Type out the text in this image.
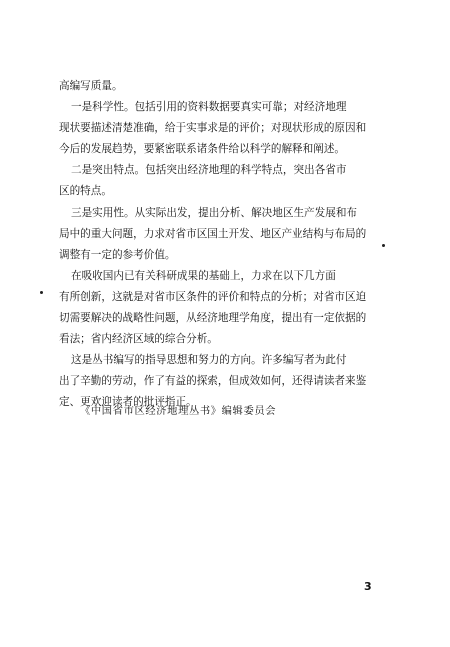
高编写质量。
一是科学性。包括引用的资料数据要真实可靠；对经济地理
现状要描述清楚准确，给于实事求是的评价；对现状形成的原因和
今后的发展趋势，要紧密联系诸条件给以科学的解释和阐述。
二是突出特点。包括突出经济地理的科学特点，突出各省市
区的特点。
三是实用性。从实际出发，提出分析、解决地区生产发展和布
局中的重大问题，力求对省市区国土开发、地区产业结构与布局的
调整有一定的参考价值。
在吸收国内已有关科研成果的基础上，力求在以下几方面
有所创新，这就是对省市区条件的评价和特点的分析；对省市区迫
切需要解决的战略性问题，从经济地理学角度，提出有一定依据的
看法；省内经济区域的综合分析。
这是丛书编写的指导思想和努力的方向。许多编写者为此付
出了辛勤的劳动，作了有益的探索，但成效如何，还得请读者来鉴
定、更欢迎读者的批评指正。
《中国省市区经济地理丛书》编辑委员会
3
